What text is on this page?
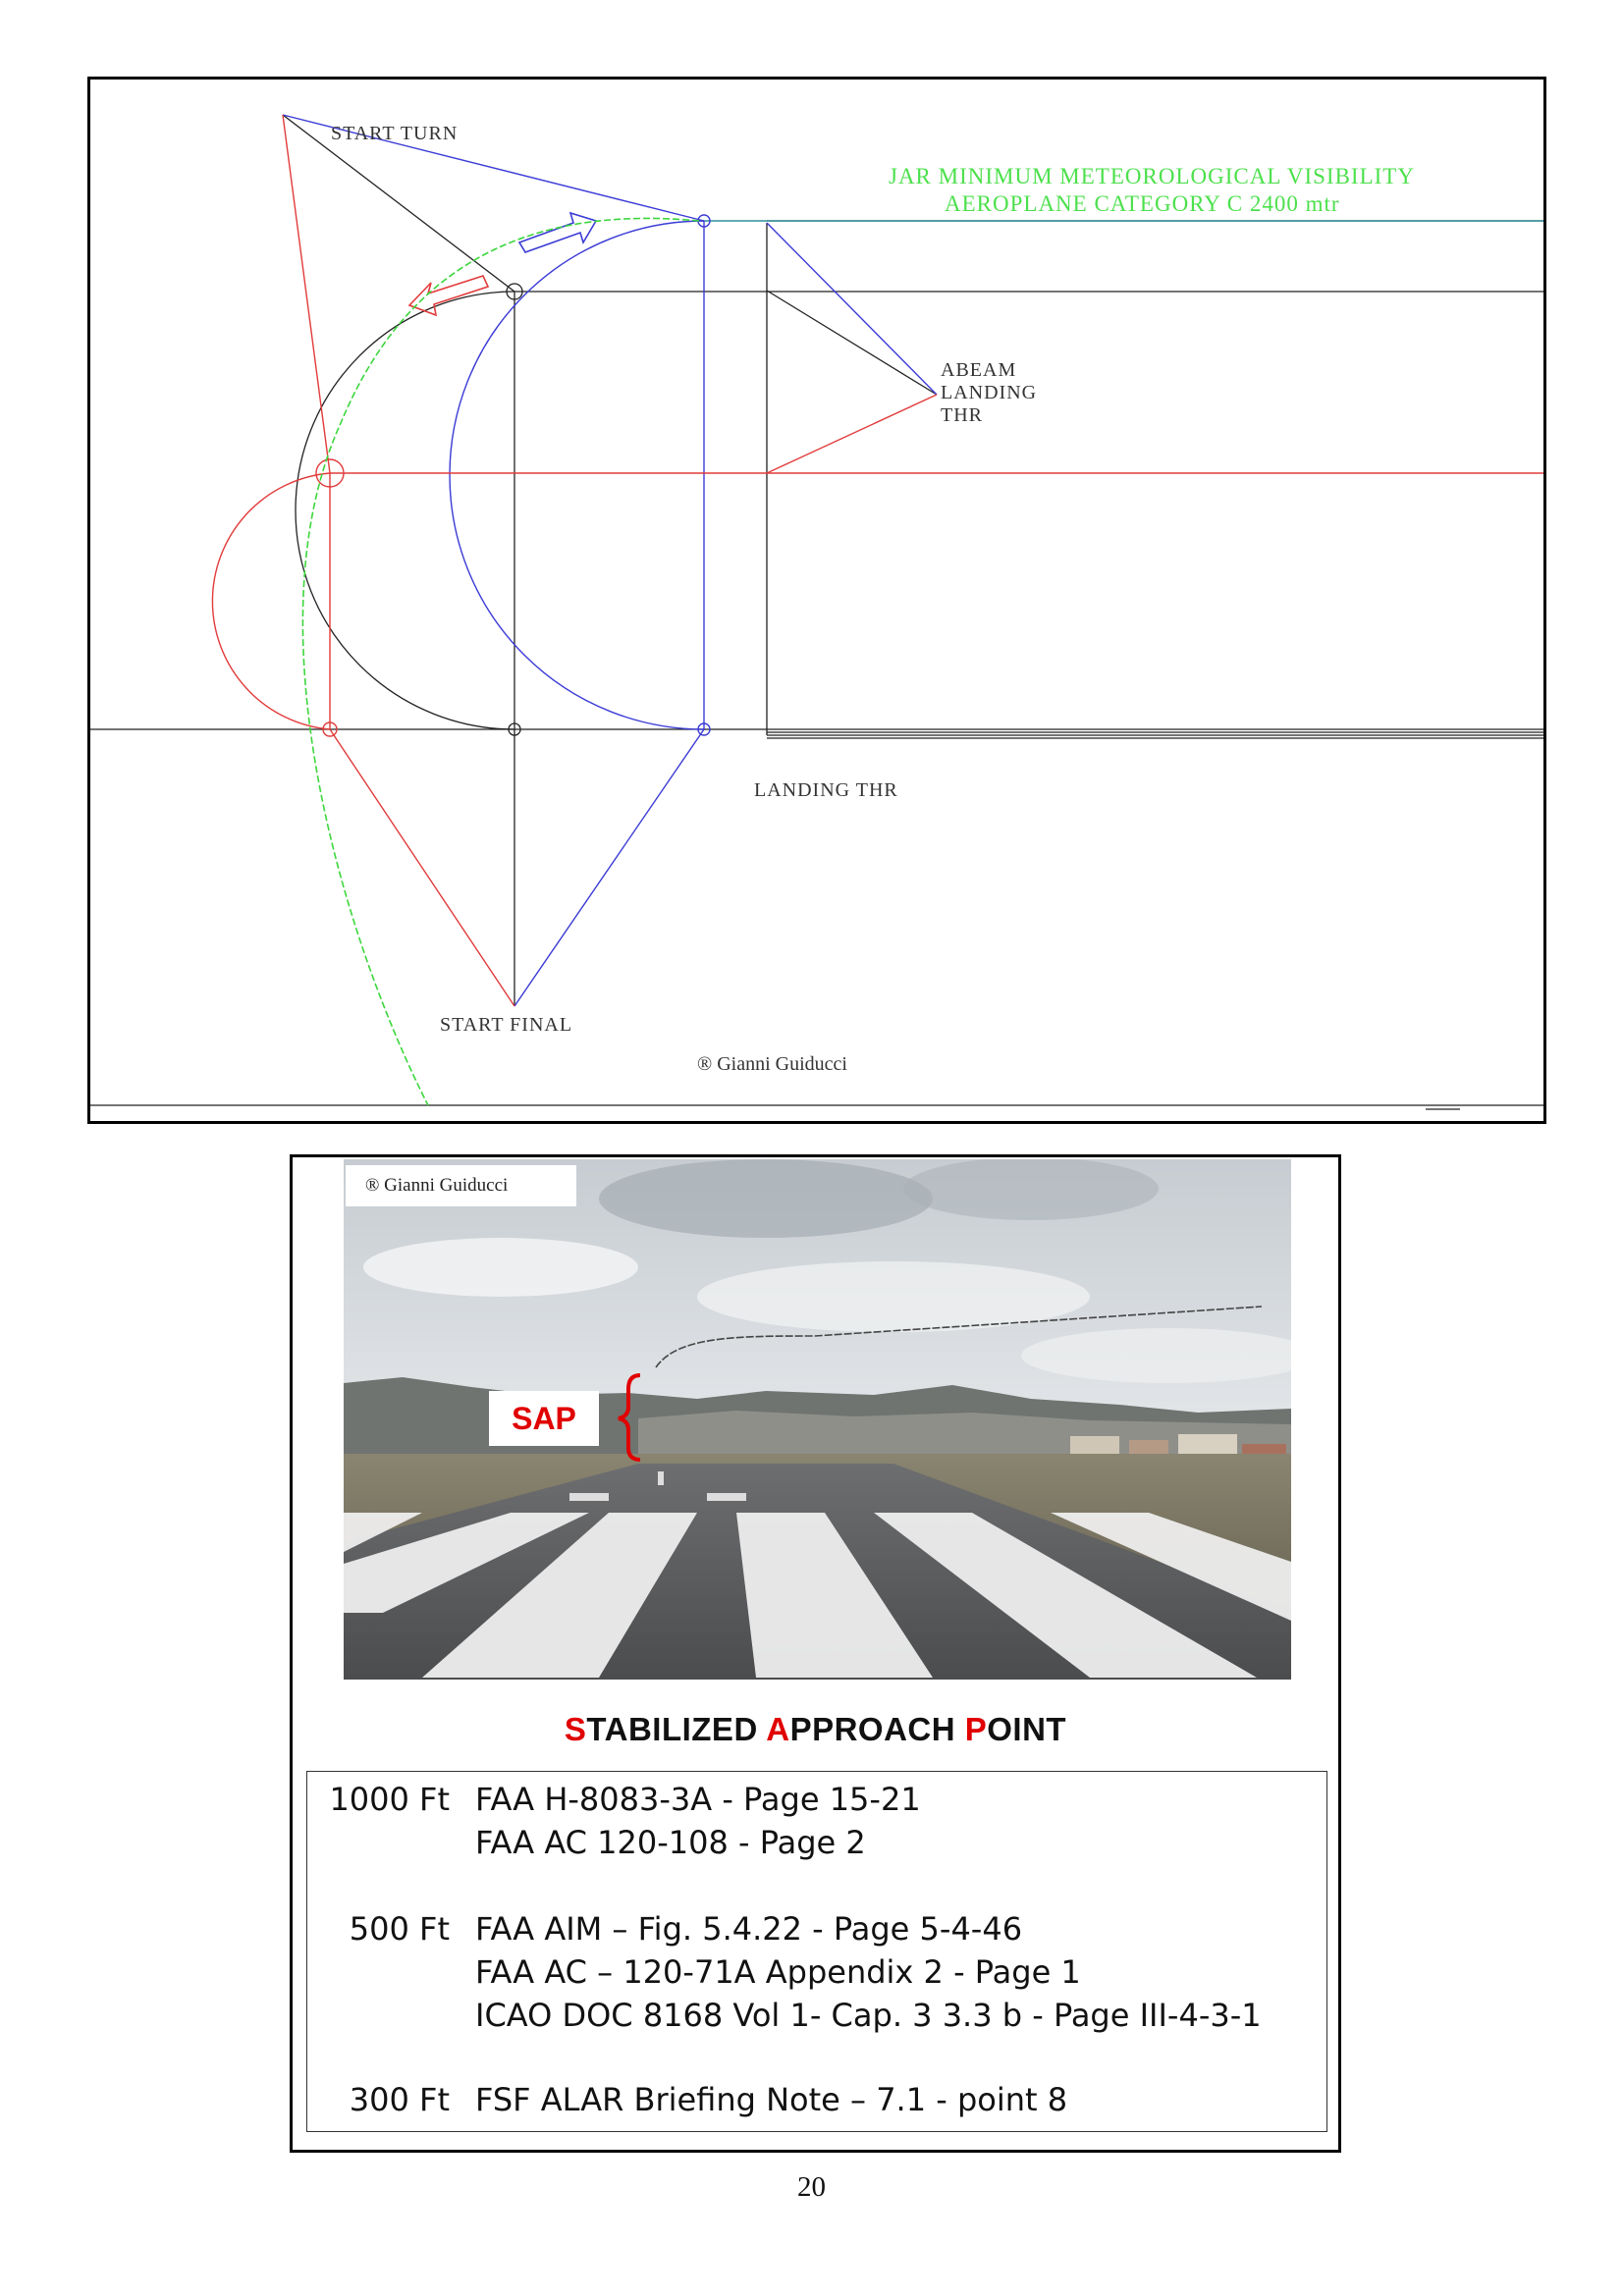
START TURN
JAR MINIMUM METEOROLOGICAL VISIBILITY
AEROPLANE CATEGORY C 2400 mtr
ABEAM
LANDING
THR
LANDING THR
START FINAL
® Gianni Guiducci
® Gianni Guiducci
SAP
STABILIZED APPROACH POINT
1000 Ft FAA H-8083-3A - Page 15-21
FAA AC 120-108 - Page 2
500 Ft FAA AIM – Fig. 5.4.22 - Page 5-4-46
FAA AC – 120-71A Appendix 2 - Page 1
ICAO DOC 8168 Vol 1- Cap. 3 3.3 b - Page III-4-3-1
300 Ft FSF ALAR Briefing Note – 7.1 - point 8
20
